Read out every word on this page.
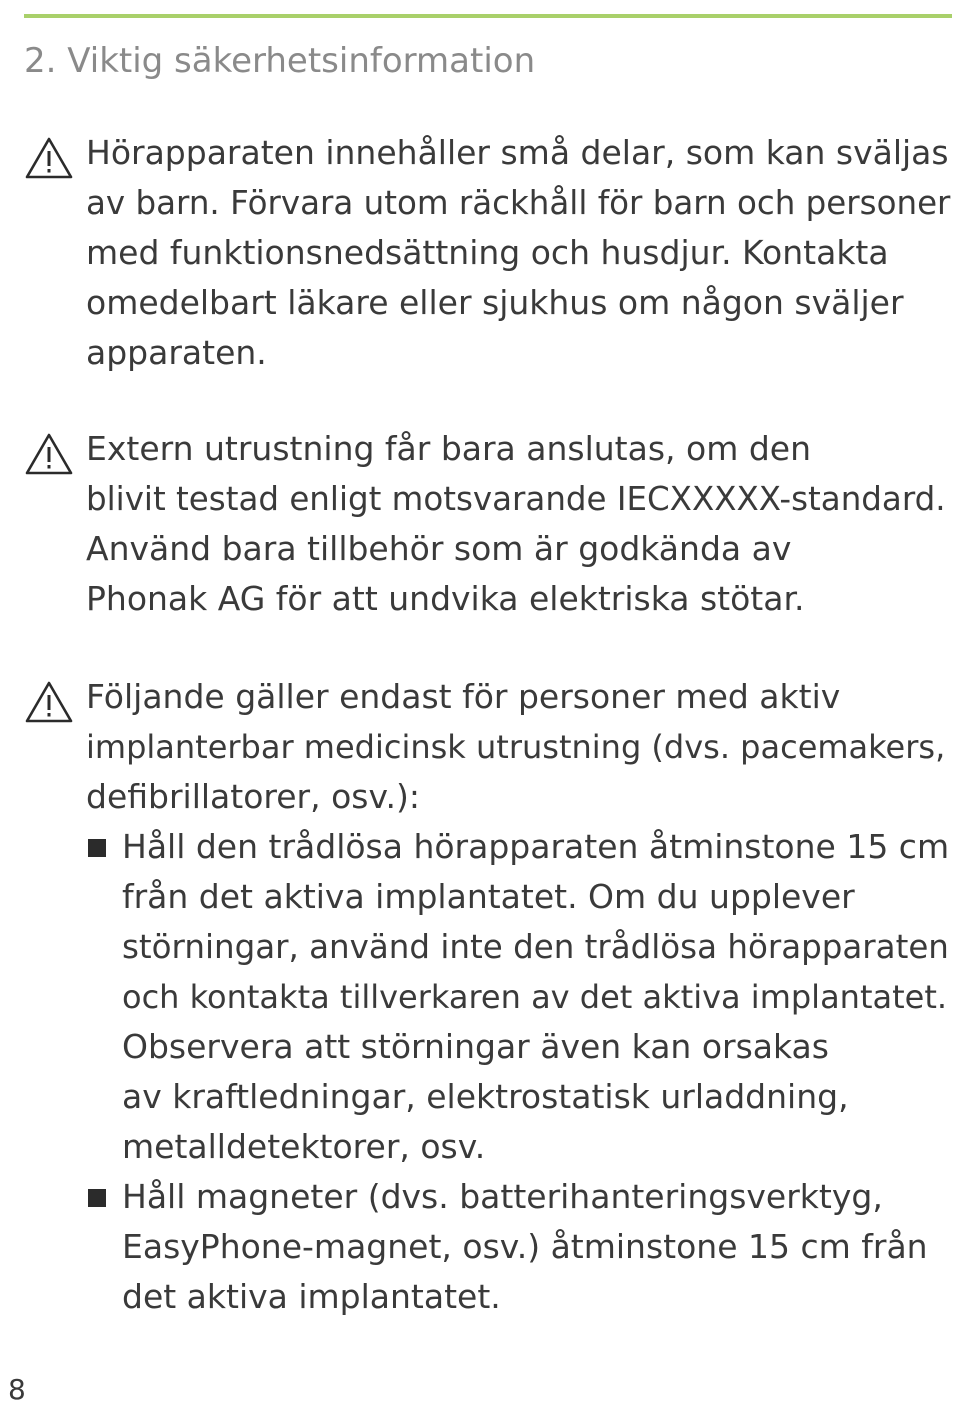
2. Viktig säkerhetsinformation
Hörapparaten innehåller små delar, som kan sväljas
av barn. Förvara utom räckhåll för barn och personer
med funktionsnedsättning och husdjur. Kontakta
omedelbart läkare eller sjukhus om någon sväljer
apparaten.
Extern utrustning får bara anslutas, om den
blivit testad enligt motsvarande IECXXXXX-standard.
Använd bara tillbehör som är godkända av
Phonak AG för att undvika elektriska stötar.
Följande gäller endast för personer med aktiv
implanterbar medicinsk utrustning (dvs. pacemakers,
defibrillatorer, osv.):
Håll den trådlösa hörapparaten åtminstone 15 cm
från det aktiva implantatet. Om du upplever
störningar, använd inte den trådlösa hörapparaten
och kontakta tillverkaren av det aktiva implantatet.
Observera att störningar även kan orsakas
av kraftledningar, elektrostatisk urladdning,
metalldetektorer, osv.
Håll magneter (dvs. batterihanteringsverktyg,
EasyPhone-magnet, osv.) åtminstone 15 cm från
det aktiva implantatet.
8
